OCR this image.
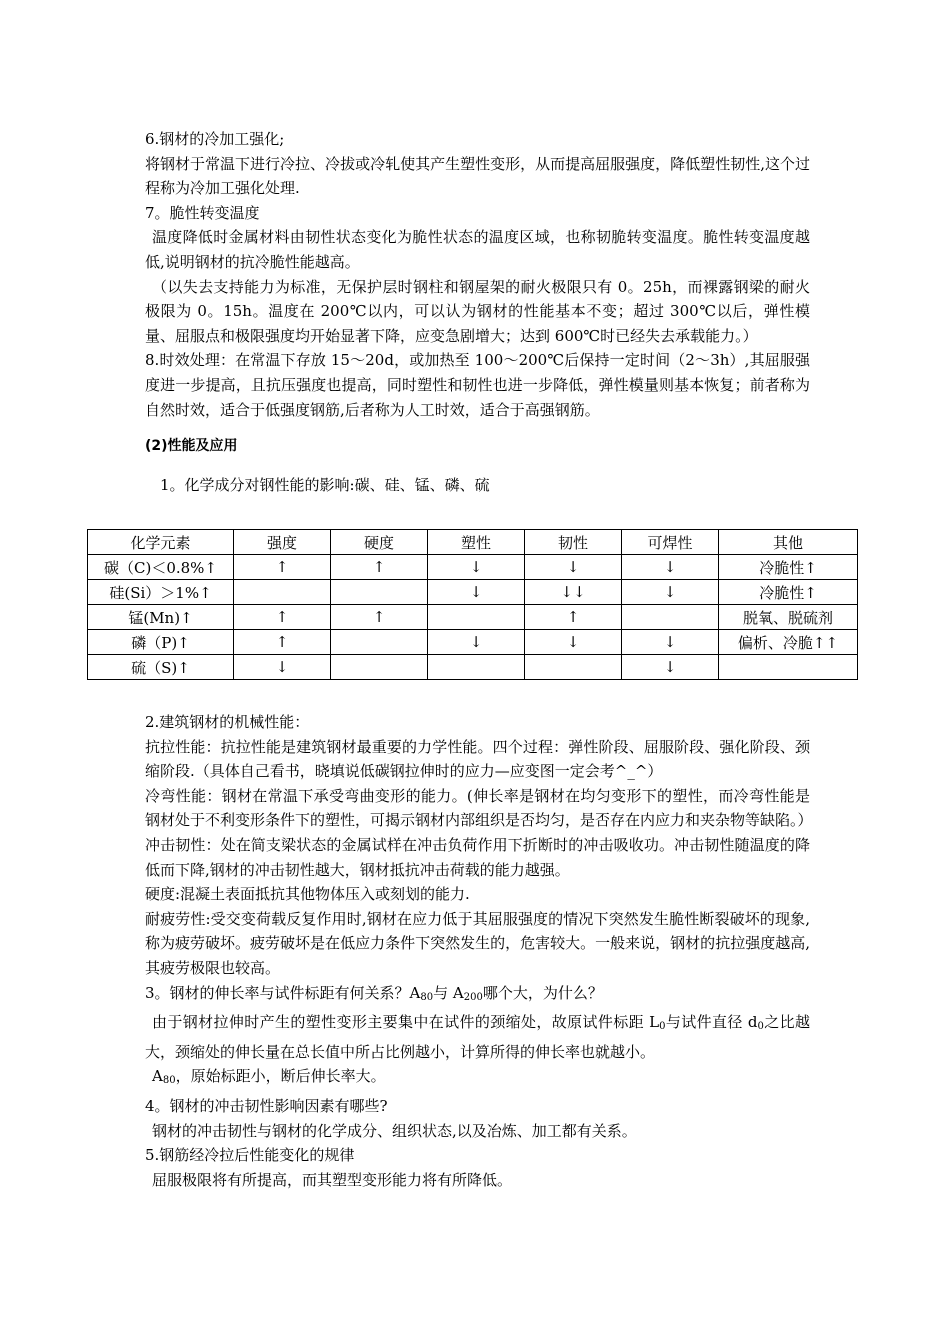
6.钢材的冷加工强化;

将钢材于常温下进行冷拉、冷拔或冷轧使其产生塑性变形，从而提高屈服强度，降低塑性韧性,这个过程称为冷加工强化处理.

7。脆性转变温度

温度降低时金属材料由韧性状态变化为脆性状态的温度区域，也称韧脆转变温度。脆性转变温度越低,说明钢材的抗冷脆性能越高。

（以失去支持能力为标准，无保护层时钢柱和钢屋架的耐火极限只有 0。25h，而裸露钢梁的耐火极限为 0。15h。温度在 200℃以内，可以认为钢材的性能基本不变；超过 300℃以后，弹性模量、屈服点和极限强度均开始显著下降，应变急剧增大；达到 600℃时已经失去承载能力。）

8.时效处理：在常温下存放 15～20d，或加热至 100～200℃后保持一定时间（2～3h）,其屈服强度进一步提高，且抗压强度也提高，同时塑性和韧性也进一步降低，弹性模量则基本恢复；前者称为自然时效，适合于低强度钢筋,后者称为人工时效，适合于高强钢筋。

(2)性能及应用

1。化学成分对钢性能的影响:碳、硅、锰、磷、硫

化学元素	强度	硬度	塑性	韧性	可焊性	其他
碳（C)＜0.8%↑	↑	↑	↓	↓	↓	冷脆性↑
硅(Si）＞1%↑			↓	↓↓	↓	冷脆性↑
锰(Mn)↑	↑	↑		↑		脱氧、脱硫剂
磷（P)↑	↑		↓	↓	↓	偏析、冷脆↑↑
硫（S)↑	↓				↓	

2.建筑钢材的机械性能：

抗拉性能：抗拉性能是建筑钢材最重要的力学性能。四个过程：弹性阶段、屈服阶段、强化阶段、颈缩阶段.（具体自己看书，晓填说低碳钢拉伸时的应力—应变图一定会考^_^）

冷弯性能：钢材在常温下承受弯曲变形的能力。(伸长率是钢材在均匀变形下的塑性，而冷弯性能是钢材处于不利变形条件下的塑性，可揭示钢材内部组织是否均匀，是否存在内应力和夹杂物等缺陷。）

冲击韧性：处在简支梁状态的金属试样在冲击负荷作用下折断时的冲击吸收功。冲击韧性随温度的降低而下降,钢材的冲击韧性越大，钢材抵抗冲击荷载的能力越强。

硬度:混凝土表面抵抗其他物体压入或刻划的能力.

耐疲劳性:受交变荷载反复作用时,钢材在应力低于其屈服强度的情况下突然发生脆性断裂破坏的现象,称为疲劳破坏。疲劳破坏是在低应力条件下突然发生的，危害较大。一般来说，钢材的抗拉强度越高,其疲劳极限也较高。

3。钢材的伸长率与试件标距有何关系？$A_{80}$与 $A_{200}$哪个大，为什么？

由于钢材拉伸时产生的塑性变形主要集中在试件的颈缩处，故原试件标距 $L_0$与试件直径 $d_0$之比越大，颈缩处的伸长量在总长值中所占比例越小，计算所得的伸长率也就越小。

$A_{80}$，原始标距小，断后伸长率大。

4。钢材的冲击韧性影响因素有哪些?

钢材的冲击韧性与钢材的化学成分、组织状态,以及冶炼、加工都有关系。

5.钢筋经冷拉后性能变化的规律

屈服极限将有所提高，而其塑型变形能力将有所降低。
